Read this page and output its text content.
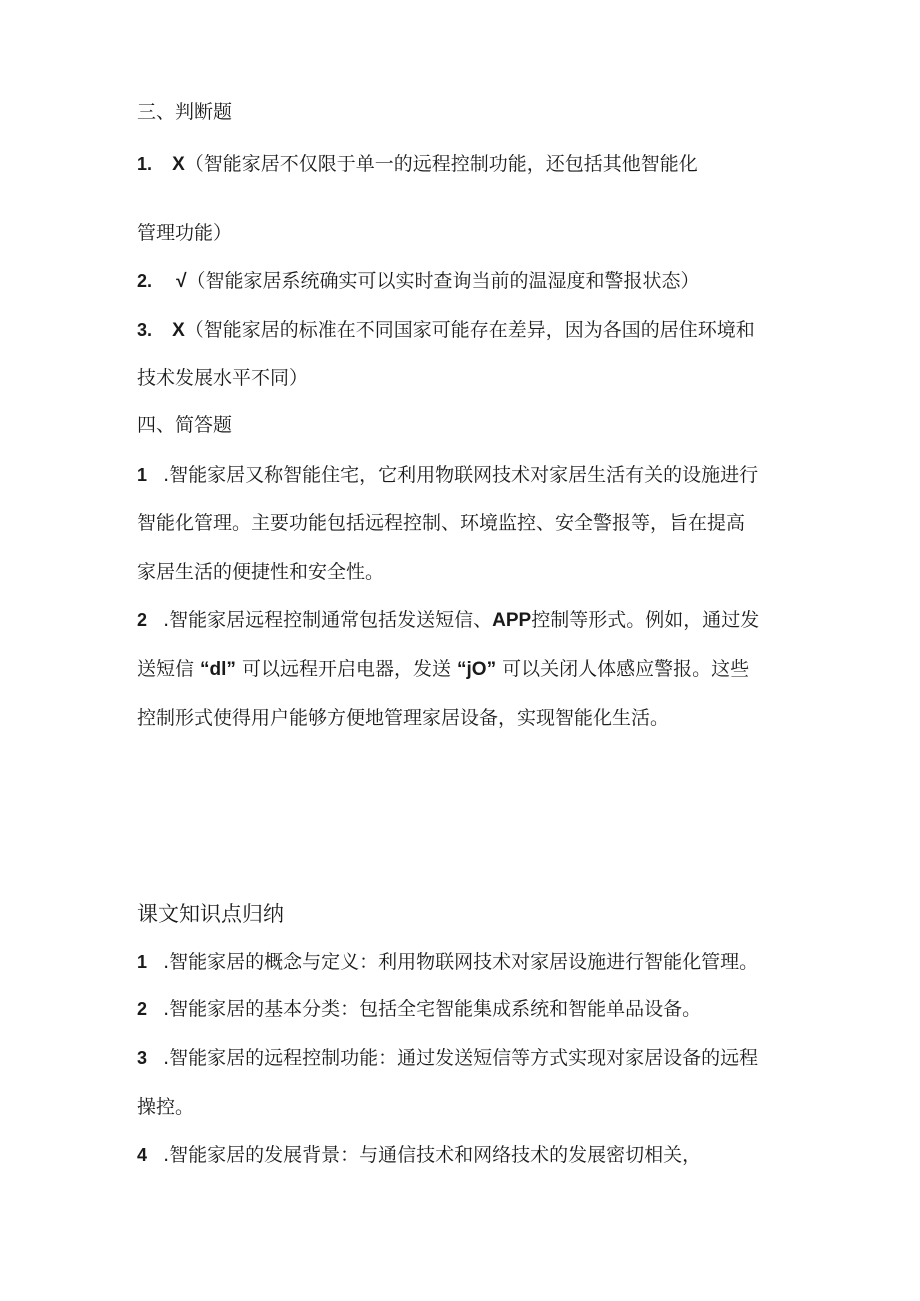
三、判断题
1. X（智能家居不仅限于单一的远程控制功能，还包括其他智能化
管理功能）
2. √（智能家居系统确实可以实时查询当前的温湿度和警报状态）
3. X（智能家居的标准在不同国家可能存在差异，因为各国的居住环境和
技术发展水平不同）
四、简答题
1 .智能家居又称智能住宅，它利用物联网技术对家居生活有关的设施进行
智能化管理。主要功能包括远程控制、环境监控、安全警报等，旨在提高
家居生活的便捷性和安全性。
2 .智能家居远程控制通常包括发送短信、APP控制等形式。例如，通过发
送短信 “dl” 可以远程开启电器，发送 “jO” 可以关闭人体感应警报。这些
控制形式使得用户能够方便地管理家居设备，实现智能化生活。
课文知识点归纳
1 .智能家居的概念与定义：利用物联网技术对家居设施进行智能化管理。
2 .智能家居的基本分类：包括全宅智能集成系统和智能单品设备。
3 .智能家居的远程控制功能：通过发送短信等方式实现对家居设备的远程
操控。
4 .智能家居的发展背景：与通信技术和网络技术的发展密切相关，
